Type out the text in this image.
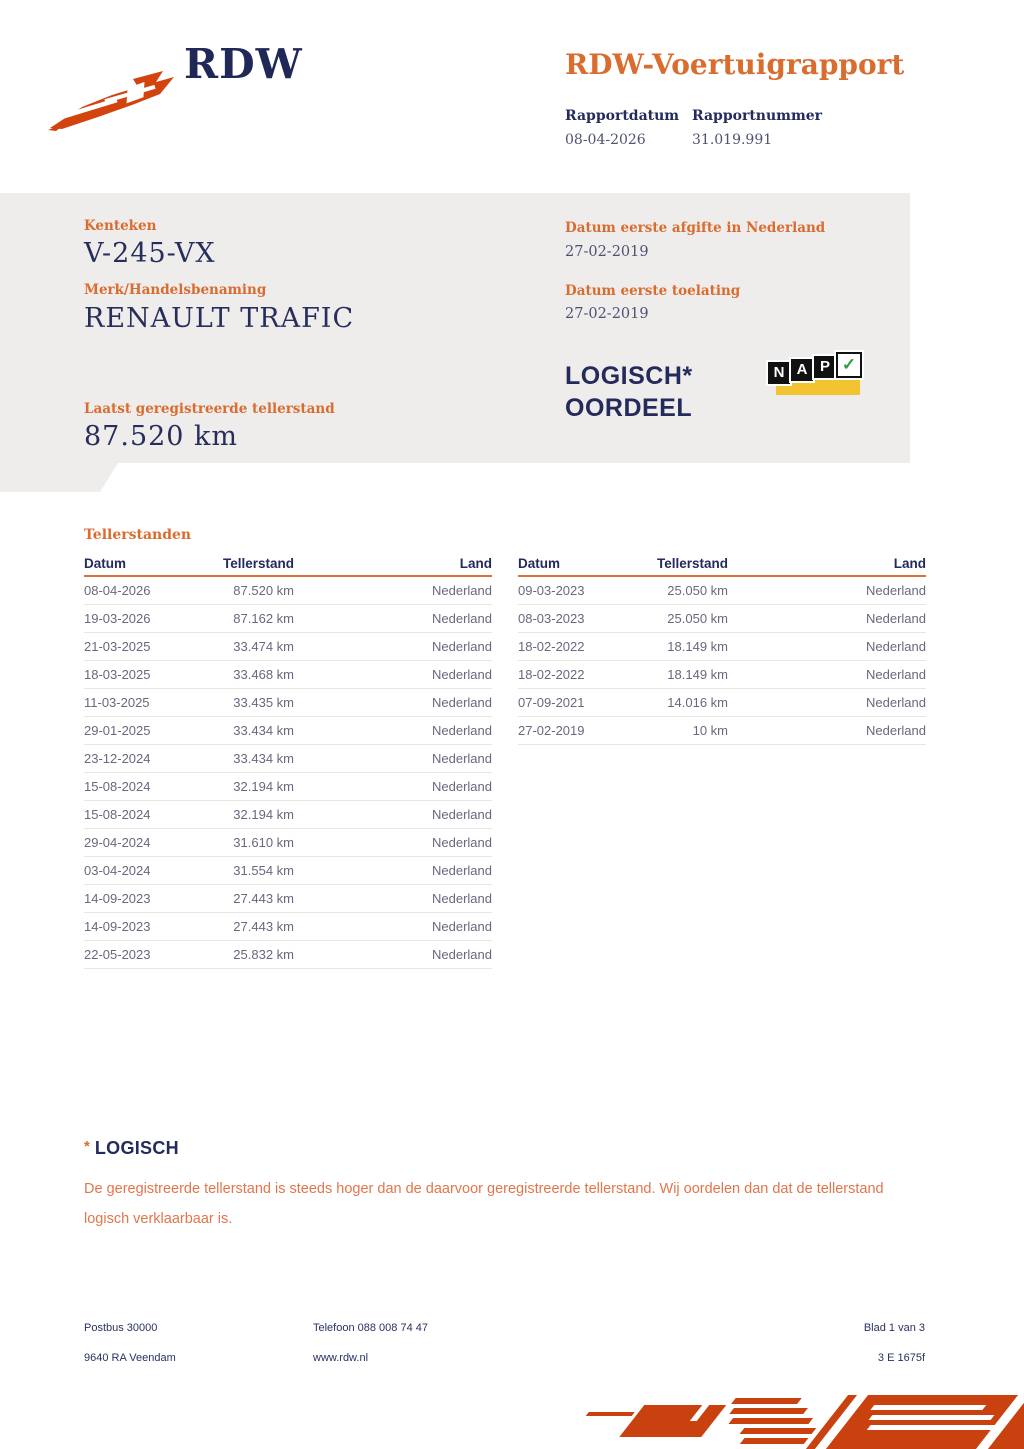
RDW	RDW-Voertuigrapport
Rapportdatum
08-04-2026
Rapportnummer
31.019.991
Kenteken
V-245-VX
Merk/Handelsbenaming
RENAULT TRAFIC
Laatst geregistreerde tellerstand
87.520 km
Datum eerste afgifte in Nederland
27-02-2019
Datum eerste toelating
27-02-2019
LOGISCH*
OORDEEL
N A P ✓
Tellerstanden
Datum	Tellerstand	Land
08-04-2026	87.520 km	Nederland
19-03-2026	87.162 km	Nederland
21-03-2025	33.474 km	Nederland
18-03-2025	33.468 km	Nederland
11-03-2025	33.435 km	Nederland
29-01-2025	33.434 km	Nederland
23-12-2024	33.434 km	Nederland
15-08-2024	32.194 km	Nederland
15-08-2024	32.194 km	Nederland
29-04-2024	31.610 km	Nederland
03-04-2024	31.554 km	Nederland
14-09-2023	27.443 km	Nederland
14-09-2023	27.443 km	Nederland
22-05-2023	25.832 km	Nederland
Datum	Tellerstand	Land
09-03-2023	25.050 km	Nederland
08-03-2023	25.050 km	Nederland
18-02-2022	18.149 km	Nederland
18-02-2022	18.149 km	Nederland
07-09-2021	14.016 km	Nederland
27-02-2019	10 km	Nederland
* LOGISCH
De geregistreerde tellerstand is steeds hoger dan de daarvoor geregistreerde tellerstand. Wij oordelen dan dat de tellerstand logisch verklaarbaar is.
Postbus 30000	Telefoon 088 008 74 47	Blad 1 van 3
9640 RA Veendam	www.rdw.nl	3 E 1675f
